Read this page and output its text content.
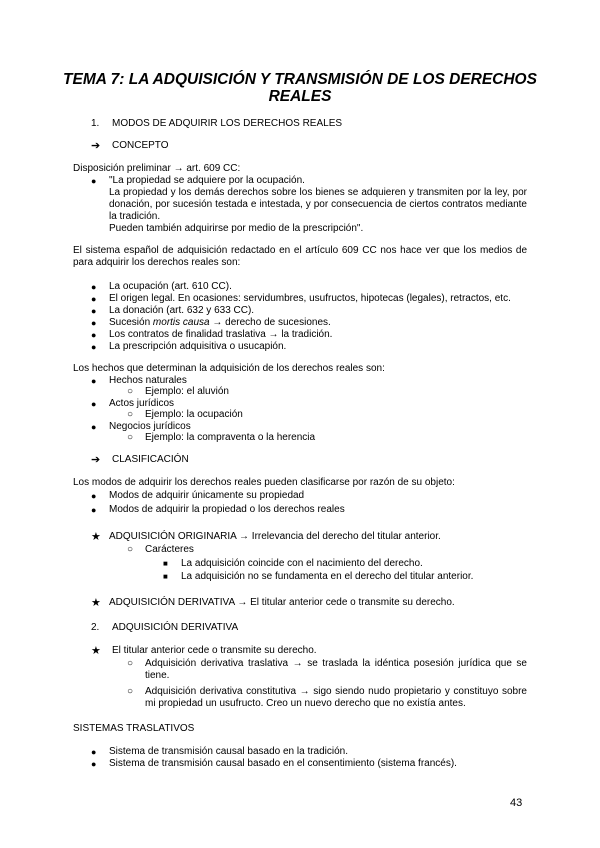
TEMA 7: LA ADQUISICIÓN Y TRANSMISIÓN DE LOS DERECHOS
REALES
1. MODOS DE ADQUIRIR LOS DERECHOS REALES
➔ CONCEPTO
Disposición preliminar → art. 609 CC:
● "La propiedad se adquiere por la ocupación.
La propiedad y los demás derechos sobre los bienes se adquieren y transmiten por la ley, por donación, por sucesión testada e intestada, y por consecuencia de ciertos contratos mediante la tradición.
Pueden también adquirirse por medio de la prescripción".
El sistema español de adquisición redactado en el artículo 609 CC nos hace ver que los medios de para adquirir los derechos reales son:
● La ocupación (art. 610 CC).
● El origen legal. En ocasiones: servidumbres, usufructos, hipotecas (legales), retractos, etc.
● La donación (art. 632 y 633 CC).
● Sucesión mortis causa → derecho de sucesiones.
● Los contratos de finalidad traslativa → la tradición.
● La prescripción adquisitiva o usucapión.
Los hechos que determinan la adquisición de los derechos reales son:
● Hechos naturales
○ Ejemplo: el aluvión
● Actos jurídicos
○ Ejemplo: la ocupación
● Negocios jurídicos
○ Ejemplo: la compraventa o la herencia
➔ CLASIFICACIÓN
Los modos de adquirir los derechos reales pueden clasificarse por razón de su objeto:
● Modos de adquirir únicamente su propiedad
● Modos de adquirir la propiedad o los derechos reales
★ ADQUISICIÓN ORIGINARIA → Irrelevancia del derecho del titular anterior.
○ Carácteres
■ La adquisición coincide con el nacimiento del derecho.
■ La adquisición no se fundamenta en el derecho del titular anterior.
★ ADQUISICIÓN DERIVATIVA → El titular anterior cede o transmite su derecho.
2. ADQUISICIÓN DERIVATIVA
★ El titular anterior cede o transmite su derecho.
○ Adquisición derivativa traslativa → se traslada la idéntica posesión jurídica que se tiene.
○ Adquisición derivativa constitutiva → sigo siendo nudo propietario y constituyo sobre mi propiedad un usufructo. Creo un nuevo derecho que no existía antes.
SISTEMAS TRASLATIVOS
● Sistema de transmisión causal basado en la tradición.
● Sistema de transmisión causal basado en el consentimiento (sistema francés).
43
